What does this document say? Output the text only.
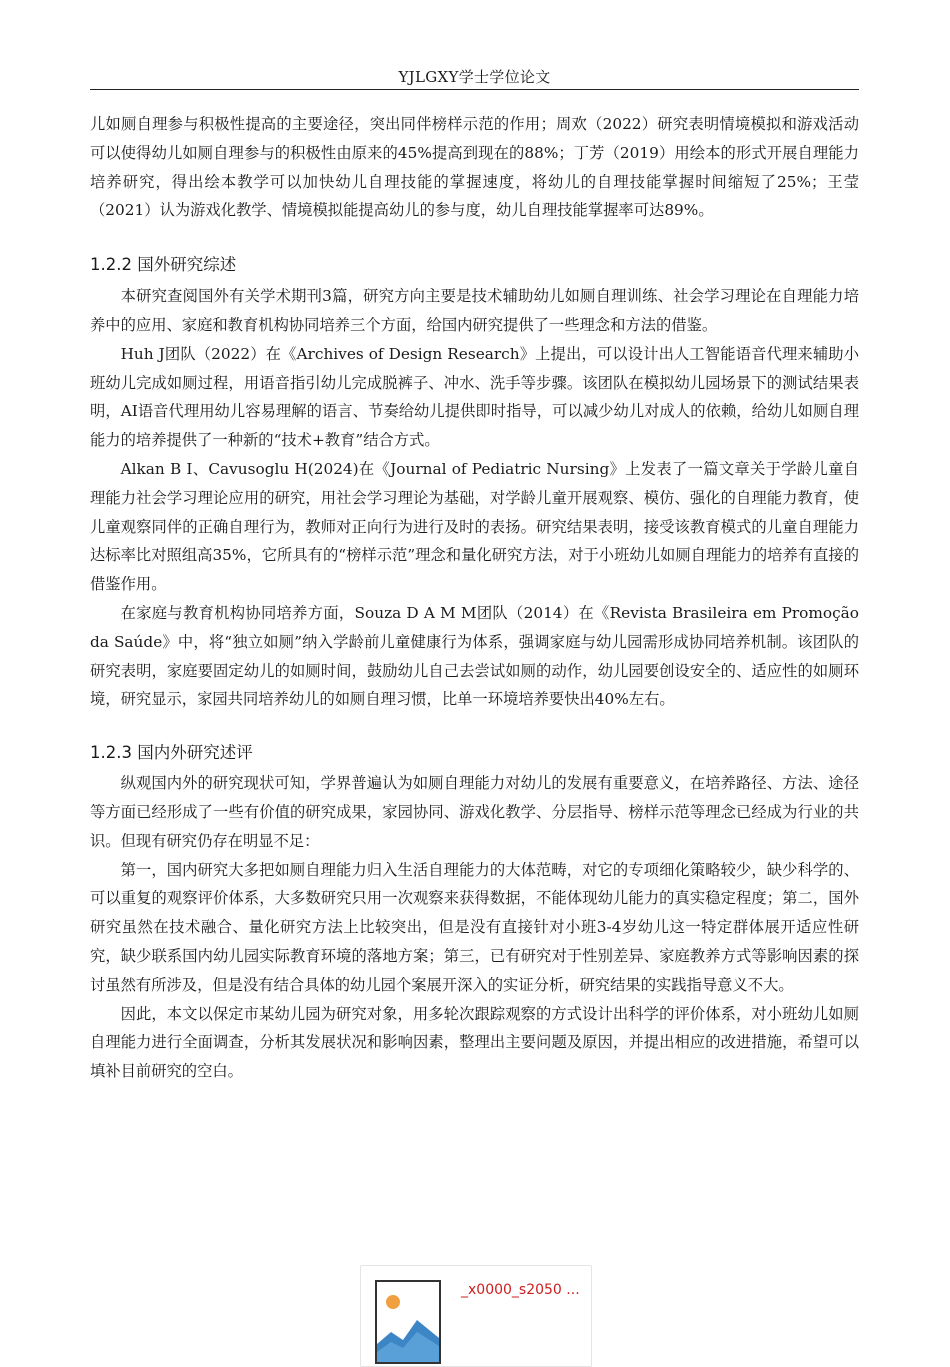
YJLGXY学士学位论文

儿如厕自理参与积极性提高的主要途径，突出同伴榜样示范的作用；周欢（2022）研究表明情境模拟和游戏活动可以使得幼儿如厕自理参与的积极性由原来的45%提高到现在的88%；丁芳（2019）用绘本的形式开展自理能力培养研究，得出绘本教学可以加快幼儿自理技能的掌握速度，将幼儿的自理技能掌握时间缩短了25%；王莹（2021）认为游戏化教学、情境模拟能提高幼儿的参与度，幼儿自理技能掌握率可达89%。

1.2.2 国外研究综述

本研究查阅国外有关学术期刊3篇，研究方向主要是技术辅助幼儿如厕自理训练、社会学习理论在自理能力培养中的应用、家庭和教育机构协同培养三个方面，给国内研究提供了一些理念和方法的借鉴。

Huh J团队（2022）在《Archives of Design Research》上提出，可以设计出人工智能语音代理来辅助小班幼儿完成如厕过程，用语音指引幼儿完成脱裤子、冲水、洗手等步骤。该团队在模拟幼儿园场景下的测试结果表明，AI语音代理用幼儿容易理解的语言、节奏给幼儿提供即时指导，可以减少幼儿对成人的依赖，给幼儿如厕自理能力的培养提供了一种新的“技术+教育”结合方式。

Alkan B I、Cavusoglu H(2024)在《Journal of Pediatric Nursing》上发表了一篇文章关于学龄儿童自理能力社会学习理论应用的研究，用社会学习理论为基础，对学龄儿童开展观察、模仿、强化的自理能力教育，使儿童观察同伴的正确自理行为，教师对正向行为进行及时的表扬。研究结果表明，接受该教育模式的儿童自理能力达标率比对照组高35%，它所具有的“榜样示范”理念和量化研究方法，对于小班幼儿如厕自理能力的培养有直接的借鉴作用。

在家庭与教育机构协同培养方面，Souza D A M M团队（2014）在《Revista Brasileira em Promoção da Saúde》中，将“独立如厕”纳入学龄前儿童健康行为体系，强调家庭与幼儿园需形成协同培养机制。该团队的研究表明，家庭要固定幼儿的如厕时间，鼓励幼儿自己去尝试如厕的动作，幼儿园要创设安全的、适应性的如厕环境，研究显示，家园共同培养幼儿的如厕自理习惯，比单一环境培养要快出40%左右。

1.2.3 国内外研究述评

纵观国内外的研究现状可知，学界普遍认为如厕自理能力对幼儿的发展有重要意义，在培养路径、方法、途径等方面已经形成了一些有价值的研究成果，家园协同、游戏化教学、分层指导、榜样示范等理念已经成为行业的共识。但现有研究仍存在明显不足：

第一，国内研究大多把如厕自理能力归入生活自理能力的大体范畴，对它的专项细化策略较少，缺少科学的、可以重复的观察评价体系，大多数研究只用一次观察来获得数据，不能体现幼儿能力的真实稳定程度；第二，国外研究虽然在技术融合、量化研究方法上比较突出，但是没有直接针对小班3-4岁幼儿这一特定群体展开适应性研究，缺少联系国内幼儿园实际教育环境的落地方案；第三，已有研究对于性别差异、家庭教养方式等影响因素的探讨虽然有所涉及，但是没有结合具体的幼儿园个案展开深入的实证分析，研究结果的实践指导意义不大。

因此，本文以保定市某幼儿园为研究对象，用多轮次跟踪观察的方式设计出科学的评价体系，对小班幼儿如厕自理能力进行全面调查，分析其发展状况和影响因素，整理出主要问题及原因，并提出相应的改进措施，希望可以填补目前研究的空白。

_x0000_s2050 ...
